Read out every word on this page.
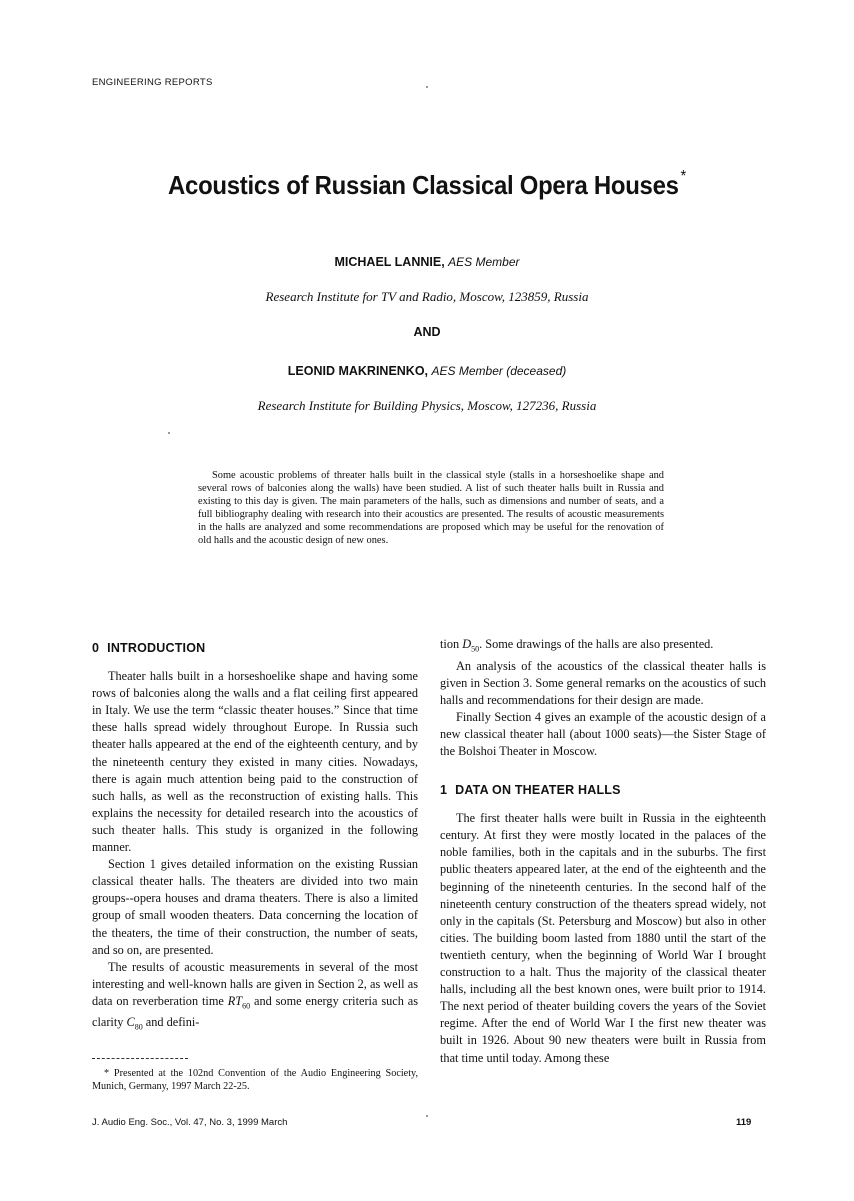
ENGINEERING REPORTS
Acoustics of Russian Classical Opera Houses *
MICHAEL LANNIE, AES Member
Research Institute for TV and Radio, Moscow, 123859, Russia
AND
LEONID MAKRINENKO, AES Member (deceased)
Research Institute for Building Physics, Moscow, 127236, Russia

Some acoustic problems of threater halls built in the classical style (stalls in a horseshoelike shape and several rows of balconies along the walls) have been studied. A list of such theater halls built in Russia and existing to this day is given. The main parameters of the halls, such as dimensions and number of seats, and a full bibliography dealing with research into their acoustics are presented. The results of acoustic measurements in the halls are analyzed and some recommendations are proposed which may be useful for the renovation of old halls and the acoustic design of new ones.

0 INTRODUCTION

Theater halls built in a horseshoelike shape and having some rows of balconies along the walls and a flat ceiling first appeared in Italy. We use the term “classic theater houses.” Since that time these halls spread widely throughout Europe. In Russia such theater halls appeared at the end of the eighteenth century, and by the nineteenth century they existed in many cities. Nowadays, there is again much attention being paid to the construction of such halls, as well as the reconstruction of existing halls. This explains the necessity for detailed research into the acoustics of such theater halls. This study is organized in the following manner.

Section 1 gives detailed information on the existing Russian classical theater halls. The theaters are divided into two main groups--opera houses and drama theaters. There is also a limited group of small wooden theaters. Data concerning the location of the theaters, the time of their construction, the number of seats, and so on, are presented.

The results of acoustic measurements in several of the most interesting and well-known halls are given in Section 2, as well as data on reverberation time $RT_{60}$ and some energy criteria such as clarity $C_{80}$ and defini-

tion $D_{50}$. Some drawings of the halls are also presented.

An analysis of the acoustics of the classical theater halls is given in Section 3. Some general remarks on the acoustics of such halls and recommendations for their design are made.

Finally Section 4 gives an example of the acoustic design of a new classical theater hall (about 1000 seats)—the Sister Stage of the Bolshoi Theater in Moscow.

1 DATA ON THEATER HALLS

The first theater halls were built in Russia in the eighteenth century. At first they were mostly located in the palaces of the noble families, both in the capitals and in the suburbs. The first public theaters appeared later, at the end of the eighteenth and the beginning of the nineteenth centuries. In the second half of the nineteenth century construction of the theaters spread widely, not only in the capitals (St. Petersburg and Moscow) but also in other cities. The building boom lasted from 1880 until the start of the twentieth century, when the beginning of World War I brought construction to a halt. Thus the majority of the classical theater halls, including all the best known ones, were built prior to 1914. The next period of theater building covers the years of the Soviet regime. After the end of World War I the first new theater was built in 1926. About 90 new theaters were built in Russia from that time until today. Among these

* Presented at the 102nd Convention of the Audio Engineering Society, Munich, Germany, 1997 March 22-25.
J. Audio Eng. Soc., Vol. 47, No. 3, 1999 March	119
